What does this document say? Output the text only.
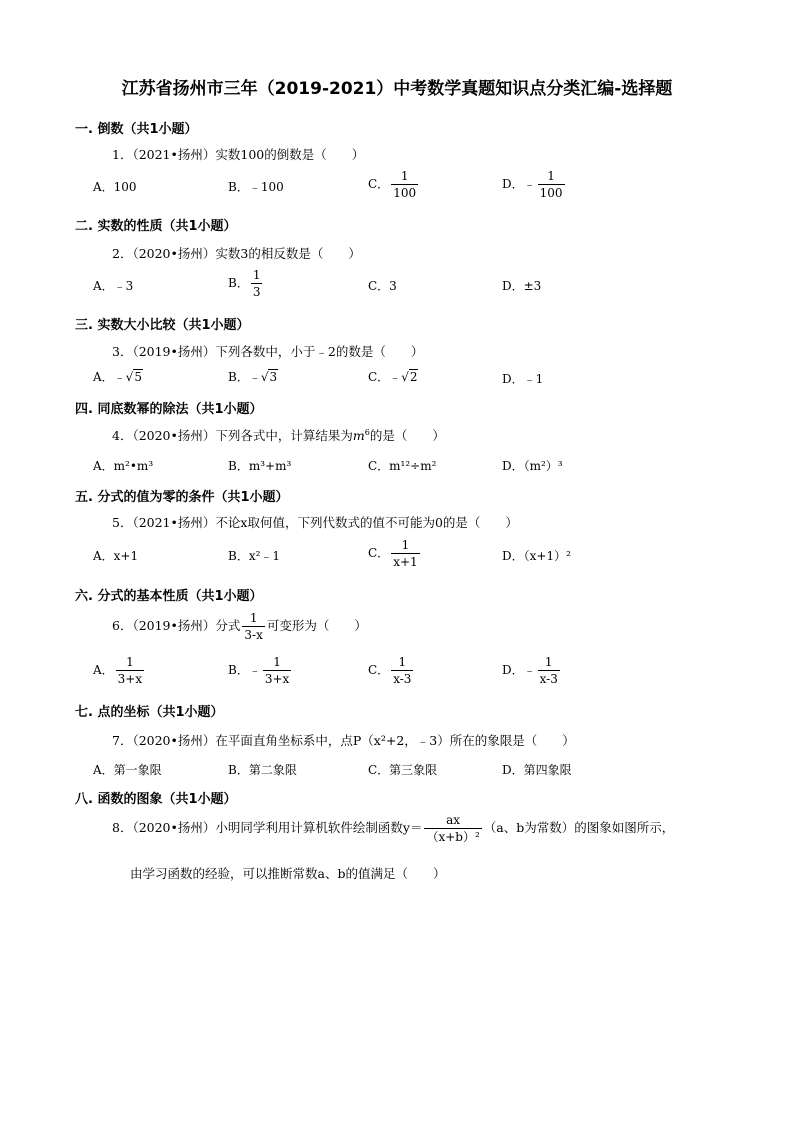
江苏省扬州市三年（2019-2021）中考数学真题知识点分类汇编-选择题
一. 倒数（共1小题）
1．（2021•扬州）实数100的倒数是（　　）
A．100	B．﹣100	C． $\frac{1}{100}$	D．﹣ $\frac{1}{100}$
二. 实数的性质（共1小题）
2．（2020•扬州）实数3的相反数是（　　）
A．﹣3	B． $\frac{1}{3}$	C．3	D．±3
三. 实数大小比较（共1小题）
3．（2019•扬州）下列各数中，小于﹣2的数是（　　）
A．﹣√5	B．﹣√3	C．﹣√2	D．﹣1
四. 同底数幂的除法（共1小题）
4．（2020•扬州）下列各式中，计算结果为$m^6$的是（　　）
A．m²•m³	B．m³+m³	C．m¹²÷m²	D．（m²）³
五. 分式的值为零的条件（共1小题）
5．（2021•扬州）不论x取何值，下列代数式的值不可能为0的是（　　）
A．x+1	B．x²﹣1	C． $\frac{1}{x+1}$	D．（x+1）²
六. 分式的基本性质（共1小题）
6．（2019•扬州）分式 $\frac{1}{3-x}$ 可变形为（　　）
A． $\frac{1}{3+x}$	B．﹣ $\frac{1}{3+x}$	C． $\frac{1}{x-3}$	D．﹣ $\frac{1}{x-3}$
七. 点的坐标（共1小题）
7．（2020•扬州）在平面直角坐标系中，点P（x²+2，﹣3）所在的象限是（　　）
A．第一象限	B．第二象限	C．第三象限	D．第四象限
八. 函数的图象（共1小题）
8．（2020•扬州）小明同学利用计算机软件绘制函数$y= \frac{ax}{\text{（x+b）²}} (a$、b为常数）的图象如图所示，
由学习函数的经验，可以推断常数a、b的值满足（　　）
